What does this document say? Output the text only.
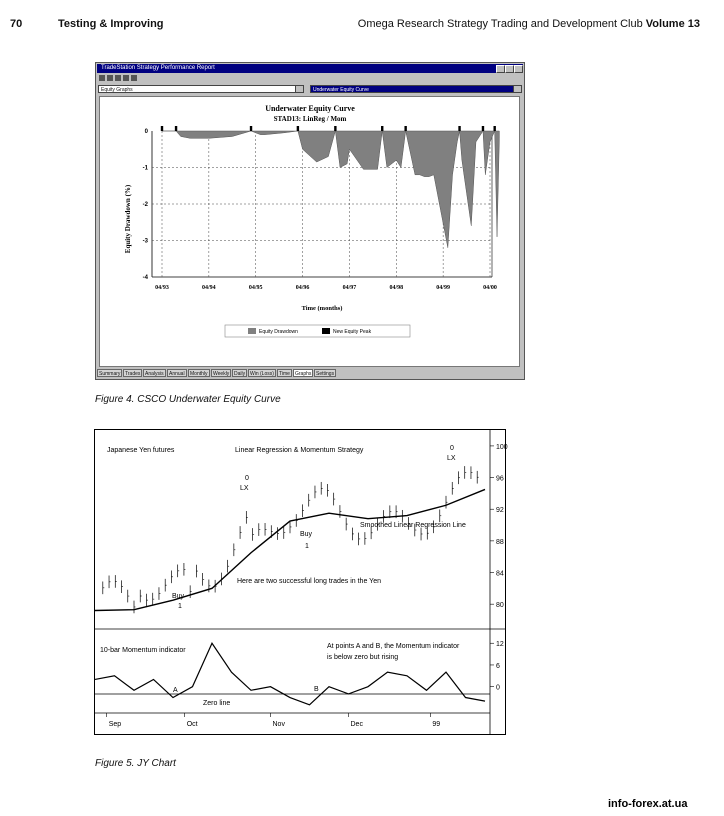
70	Testing & Improving	Omega Research Strategy Trading and Development Club Volume 13
TradeStation Strategy Performance Report
Equity Graphs	Underwater Equity Curve
Underwater Equity Curve
STAD13: LinReg / Mom
Equity Drawdown (%)
Time (months)
0
-1
-2
-3
-4
04/93	04/94	04/95	04/96	04/97	04/98	04/99	04/00
Equity Drawdown	New Equity Peak
Summary Trades Analysis	Annual	Monthly	Weekly Daily Win (Loss)	Time	Graphs Settings
Figure 4. CSCO Underwater Equity Curve
100
96
92
88
84
80
12
6
0
Sep	Oct	Nov	Dec	99
Japanese Yen futures	Linear Regression & Momentum Strategy
Smoothed Linear Regression Line
Here are two successful long trades in the Yen
10-bar Momentum indicator
At points A and B, the Momentum indicator
is below zero but rising
Zero line
A	B
Buy
1
Buy
1
0
LX
0
LX
Figure 5. JY Chart
info-forex.at.ua
